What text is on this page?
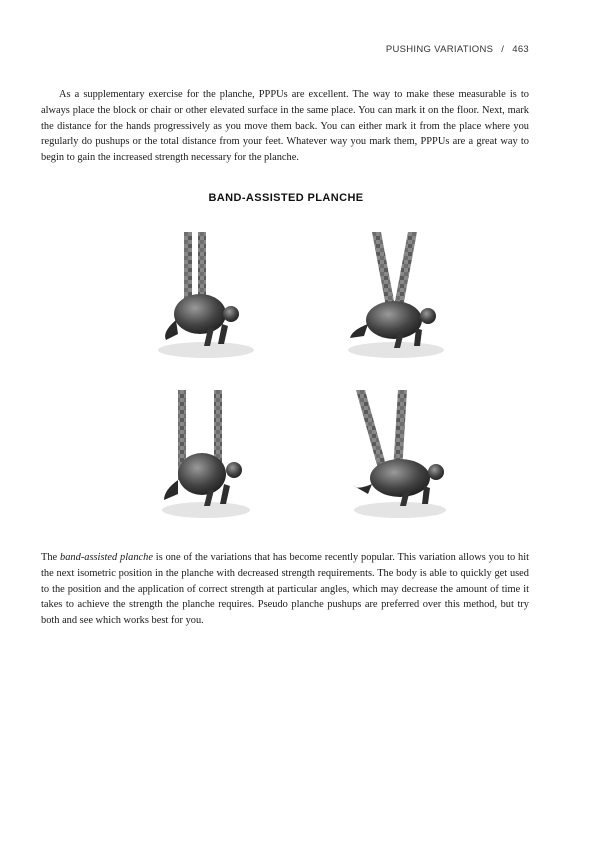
PUSHING VARIATIONS / 463

As a supplementary exercise for the planche, PPPUs are excellent. The way to make these measurable is to always place the block or chair or other elevated surface in the same place. You can mark it on the floor. Next, mark the distance for the hands progressively as you move them back. You can either mark it from the place where you regularly do pushups or the total distance from your feet. Whatever way you mark them, PPPUs are a great way to begin to gain the increased strength necessary for the planche.

BAND-ASSISTED PLANCHE

The band-assisted planche is one of the variations that has become recently popular. This variation allows you to hit the next isometric position in the planche with decreased strength requirements. The body is able to quickly get used to the position and the application of correct strength at particular angles, which may decrease the amount of time it takes to achieve the strength the planche requires. Pseudo planche pushups are preferred over this method, but try both and see which works best for you.
